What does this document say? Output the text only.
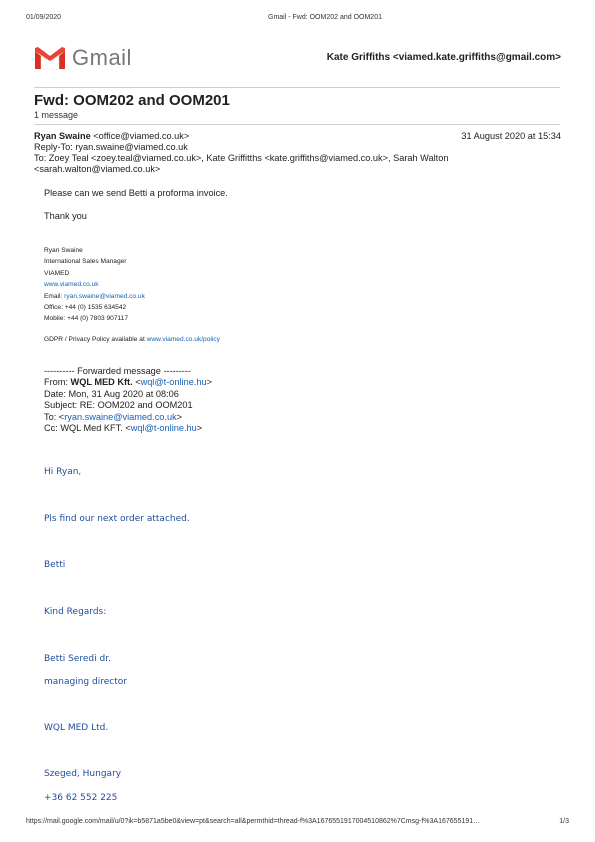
01/09/2020	Gmail - Fwd: OOM202 and OOM201
Gmail	Kate Griffiths <viamed.kate.griffiths@gmail.com>
Fwd: OOM202 and OOM201
1 message
Ryan Swaine <office@viamed.co.uk>	31 August 2020 at 15:34
Reply-To: ryan.swaine@viamed.co.uk
To: Zoey Teal <zoey.teal@viamed.co.uk>, Kate Griffitths <kate.griffiths@viamed.co.uk>, Sarah Walton
<sarah.walton@viamed.co.uk>
Please can we send Betti a proforma invoice.
Thank you
Ryan Swaine
International Sales Manager
VIAMED
www.viamed.co.uk
Email: ryan.swaine@viamed.co.uk
Office: +44 (0) 1535 634542
Mobile: +44 (0) 7803 907117
GDPR / Privacy Policy available at www.viamed.co.uk/policy
---------- Forwarded message ---------
From: WQL MED Kft. <wql@t-online.hu>
Date: Mon, 31 Aug 2020 at 08:06
Subject: RE: OOM202 and OOM201
To: <ryan.swaine@viamed.co.uk>
Cc: WQL Med KFT. <wql@t-online.hu>
Hi Ryan,
Pls find our next order attached.
Betti
Kind Regards:
Betti Seredi dr.
managing director
WQL MED Ltd.
Szeged, Hungary
+36 62 552 225
https://mail.google.com/mail/u/0?ik=b5871a5be0&view=pt&search=all&permthid=thread-f%3A1676551917004510862%7Cmsg-f%3A167655191…	1/3
